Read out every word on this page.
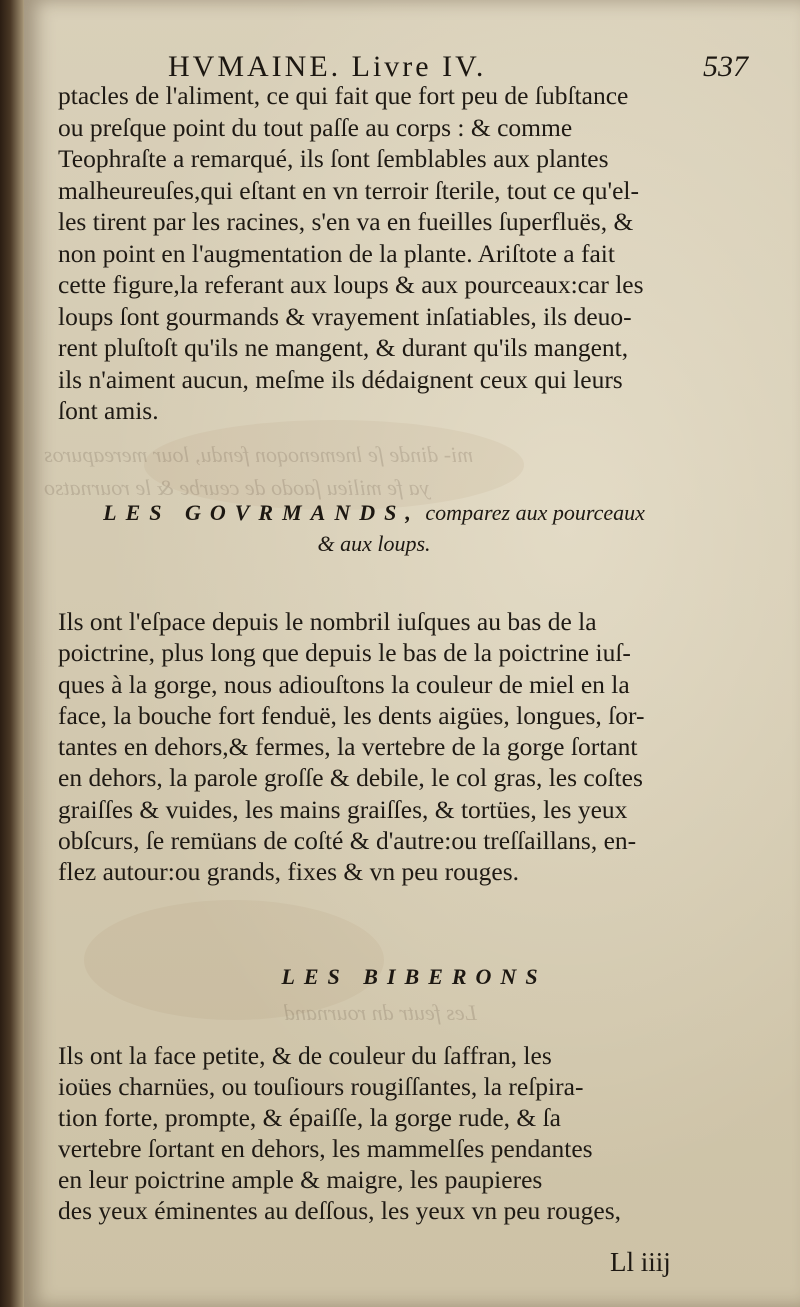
mi- dinde ſe lnemenoqon fendu, lour mereapuros
ya fe milieu ſaodo de ceurbe & le rournatso
Les feutr dn rournand
HVMAINE. Livre IV.	537
ptacles de l'aliment, ce qui fait que fort peu de ſubſtance
ou preſque point du tout paſſe au corps : & comme
Teophraſte a remarqué, ils ſont ſemblables aux plantes
malheureuſes,qui eſtant en vn terroir ſterile, tout ce qu'el-
les tirent par les racines, s'en va en fueilles ſuperfluës, &
non point en l'augmentation de la plante. Ariſtote a fait
cette figure,la referant aux loups & aux pourceaux:car les
loups ſont gourmands & vrayement inſatiables, ils deuo-
rent pluſtoſt qu'ils ne mangent, & durant qu'ils mangent,
ils n'aiment aucun, meſme ils dédaignent ceux qui leurs
ſont amis.
LES GOVRMANDS, comparez aux pourceaux
& aux loups.
Ils ont l'eſpace depuis le nombril iuſques au bas de la
poictrine, plus long que depuis le bas de la poictrine iuſ-
ques à la gorge, nous adiouſtons la couleur de miel en la
face, la bouche fort fenduë, les dents aigües, longues, ſor-
tantes en dehors,& fermes, la vertebre de la gorge ſortant
en dehors, la parole groſſe & debile, le col gras, les coſtes
graiſſes & vuides, les mains graiſſes, & tortües, les yeux
obſcurs, ſe remüans de coſté & d'autre:ou treſſaillans, en-
flez autour:ou grands, fixes & vn peu rouges.
LES BIBERONS
Ils ont la face petite, & de couleur du ſaffran, les
ioües charnües, ou touſiours rougiſſantes, la reſpira-
tion forte, prompte, & épaiſſe, la gorge rude, & ſa
vertebre ſortant en dehors, les mammelſes pendantes
en leur poictrine ample & maigre, les paupieres
des yeux éminentes au deſſous, les yeux vn peu rouges,
Ll iiij
